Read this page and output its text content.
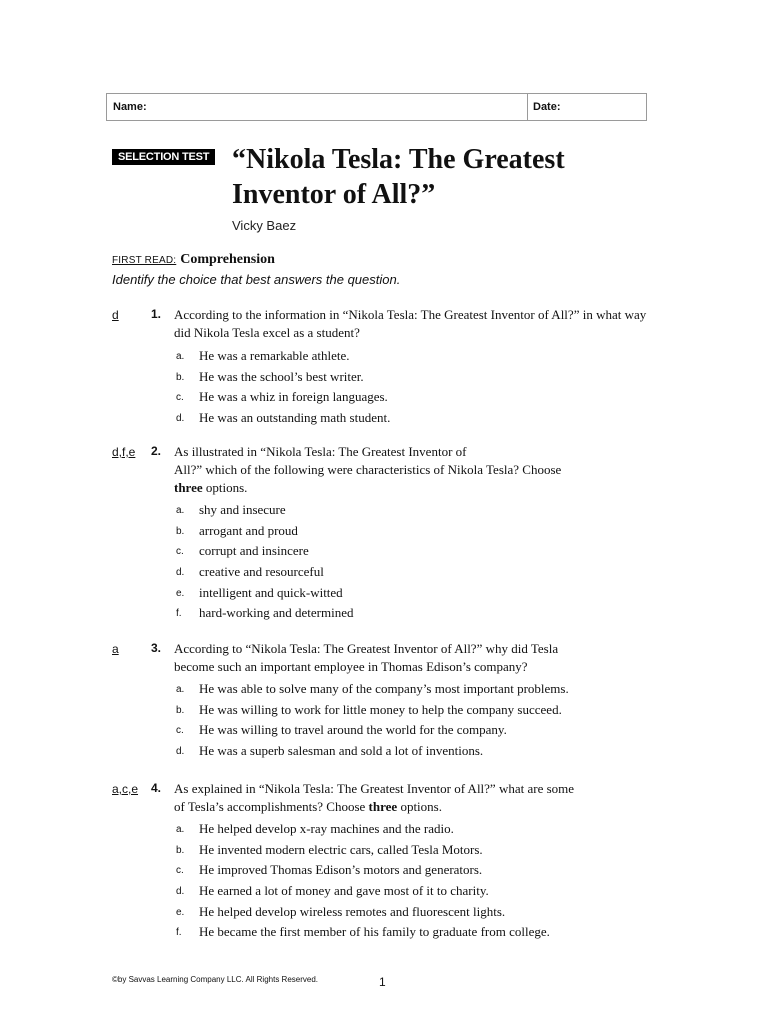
Name:	Date:
SELECTION TEST “Nikola Tesla: The Greatest
Inventor of All?”
Vicky Baez
FIRST READ: Comprehension
Identify the choice that best answers the question.
d	1. According to the information in “Nikola Tesla: The Greatest Inventor of All?” in what way did Nikola Tesla excel as a student?
a. He was a remarkable athlete.
b. He was the school’s best writer.
c. He was a whiz in foreign languages.
d. He was an outstanding math student.
d,f,e 2. As illustrated in “Nikola Tesla: The Greatest Inventor of
All?” which of the following were characteristics of Nikola Tesla? Choose
three options.
a. shy and insecure
b. arrogant and proud
c. corrupt and insincere
d. creative and resourceful
e. intelligent and quick-witted
f. hard-working and determined
a	3. According to “Nikola Tesla: The Greatest Inventor of All?” why did Tesla
become such an important employee in Thomas Edison’s company?
a. He was able to solve many of the company’s most important problems.
b. He was willing to work for little money to help the company succeed.
c. He was willing to travel around the world for the company.
d. He was a superb salesman and sold a lot of inventions.
a,c,e 4. As explained in “Nikola Tesla: The Greatest Inventor of All?” what are some
of Tesla’s accomplishments? Choose three options.
a. He helped develop x-ray machines and the radio.
b. He invented modern electric cars, called Tesla Motors.
c. He improved Thomas Edison’s motors and generators.
d. He earned a lot of money and gave most of it to charity.
e. He helped develop wireless remotes and fluorescent lights.
f. He became the first member of his family to graduate from college.
©by Savvas Learning Company LLC. All Rights Reserved.	1
